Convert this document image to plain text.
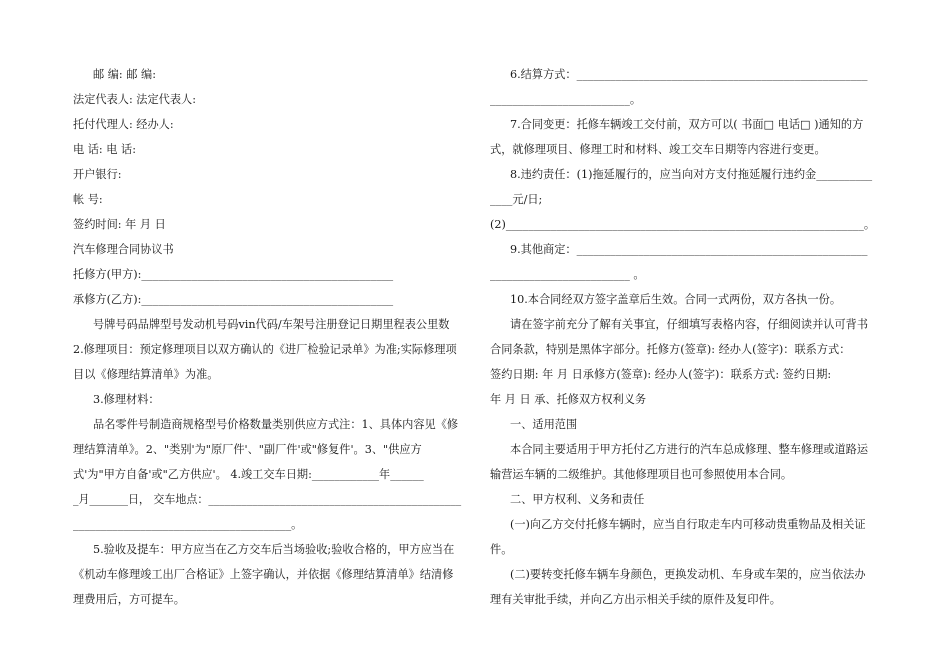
邮 编: 邮 编:
法定代表人: 法定代表人:
托付代理人: 经办人:
电 话: 电 话:
开户银行:
帐 号:
签约时间: 年 月 日
汽车修理合同协议书
托修方(甲方):_____________________________________________
承修方(乙方):_____________________________________________
号牌号码品牌型号发动机号码vin代码/车架号注册登记日期里程表公里数
2.修理项目：预定修理项目以双方确认的《进厂检验记录单》为准;实际修理项
目以《修理结算清单》为准。
3.修理材料：
品名零件号制造商规格型号价格数量类别供应方式注：1、具体内容见《修
理结算清单》。2、"类别'为"原厂件'、"副厂件'或"修复件'。3、"供应方
式'为"甲方自备'或"乙方供应'。 4.竣工交车日期:____________年______
_月_______日， 交车地点：______________________________________________
_______________________________________。
5.验收及提车：甲方应当在乙方交车后当场验收;验收合格的，甲方应当在
《机动车修理竣工出厂合格证》上签字确认，并依据《修理结算清单》结清修
理费用后，方可提车。
6.结算方式：____________________________________________________
_________________________。
7.合同变更：托修车辆竣工交付前，双方可以( 书面□ 电话□ )通知的方
式，就修理项目、修理工时和材料、竣工交车日期等内容进行变更。
8.违约责任：(1)拖延履行的，应当向对方支付拖延履行违约金__________
____元/日;
(2)________________________________________________________________。
9.其他商定：____________________________________________________
_________________________ 。
10.本合同经双方签字盖章后生效。合同一式两份，双方各执一份。
请在签字前充分了解有关事宜，仔细填写表格内容，仔细阅读并认可背书
合同条款，特别是黑体字部分。托修方(签章): 经办人(签字)：联系方式：
签约日期: 年 月 日承修方(签章): 经办人(签字)：联系方式: 签约日期:
年 月 日 承、托修双方权利义务
一、适用范围
本合同主要适用于甲方托付乙方进行的汽车总成修理、整车修理或道路运
输营运车辆的二级维护。其他修理项目也可参照使用本合同。
二、甲方权利、义务和责任
(一)向乙方交付托修车辆时，应当自行取走车内可移动贵重物品及相关证
件。
(二)要转变托修车辆车身颜色，更换发动机、车身或车架的，应当依法办
理有关审批手续，并向乙方出示相关手续的原件及复印件。
